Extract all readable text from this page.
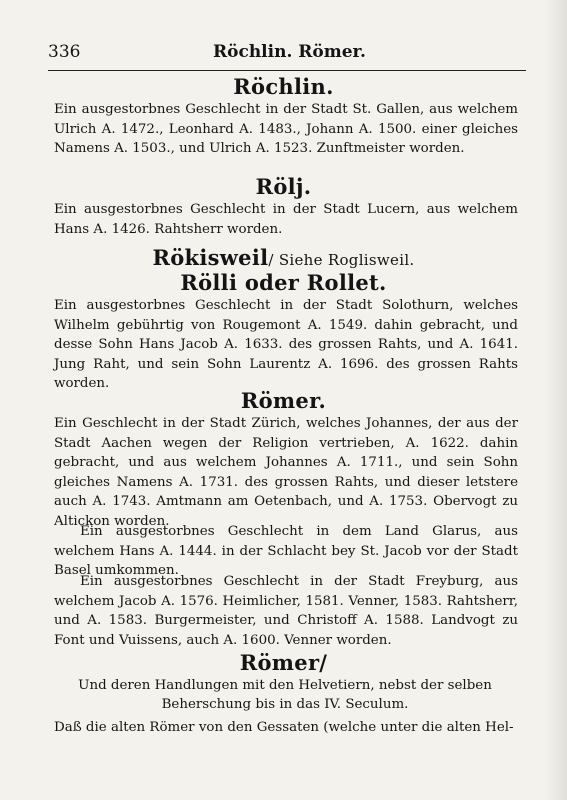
336	Röchlin. Römer.
Röchlin.

Ein ausgestorbnes Geschlecht in der Stadt St. Gallen, aus welchem Ulrich A. 1472., Leonhard A. 1483., Johann A. 1500. einer gleiches Namens A. 1503., und Ulrich A. 1523. Zunftmeister worden.

Rölj.

Ein ausgestorbnes Geschlecht in der Stadt Lucern, aus welchem Hans A. 1426. Rahtsherr worden.

Rökisweil/ Siehe Rogliswеil.
Rölli oder Rollet.

Ein ausgestorbnes Geschlecht in der Stadt Solothurn, welches Wilhelm gebührtig von Rougemont A. 1549. dahin gebracht, und desse Sohn Hans Jacob A. 1633. des grossen Rahts, und A. 1641. Jung Raht, und sein Sohn Laurentz A. 1696. des grossen Rahts worden.

Römer.

Ein Geschlecht in der Stadt Zürich, welches Johannes, der aus der Stadt Aachen wegen der Religion vertrieben, A. 1622. dahin gebracht, und aus welchem Johannes A. 1711., und sein Sohn gleiches Namens A. 1731. des grossen Rahts, und dieser letstere auch A. 1743. Amtmann am Oetenbach, und A. 1753. Obervogt zu Altickon worden.

Ein ausgestorbnes Geschlecht in dem Land Glarus, aus welchem Hans A. 1444. in der Schlacht bey St. Jacob vor der Stadt Basel umkommen.

Ein ausgestorbnes Geschlecht in der Stadt Freyburg, aus welchem Jacob A. 1576. Heimlicher, 1581. Venner, 1583. Rahtsherr, und A. 1583. Burgermeister, und Christoff A. 1588. Landvogt zu Font und Vuissens, auch A. 1600. Venner worden.

Römer/

Und deren Handlungen mit den Helvetiern, nebst der selben Beherschung bis in das IV. Seculum.

Daß die alten Römer von den Gessaten (welche unter die alten Hel-
